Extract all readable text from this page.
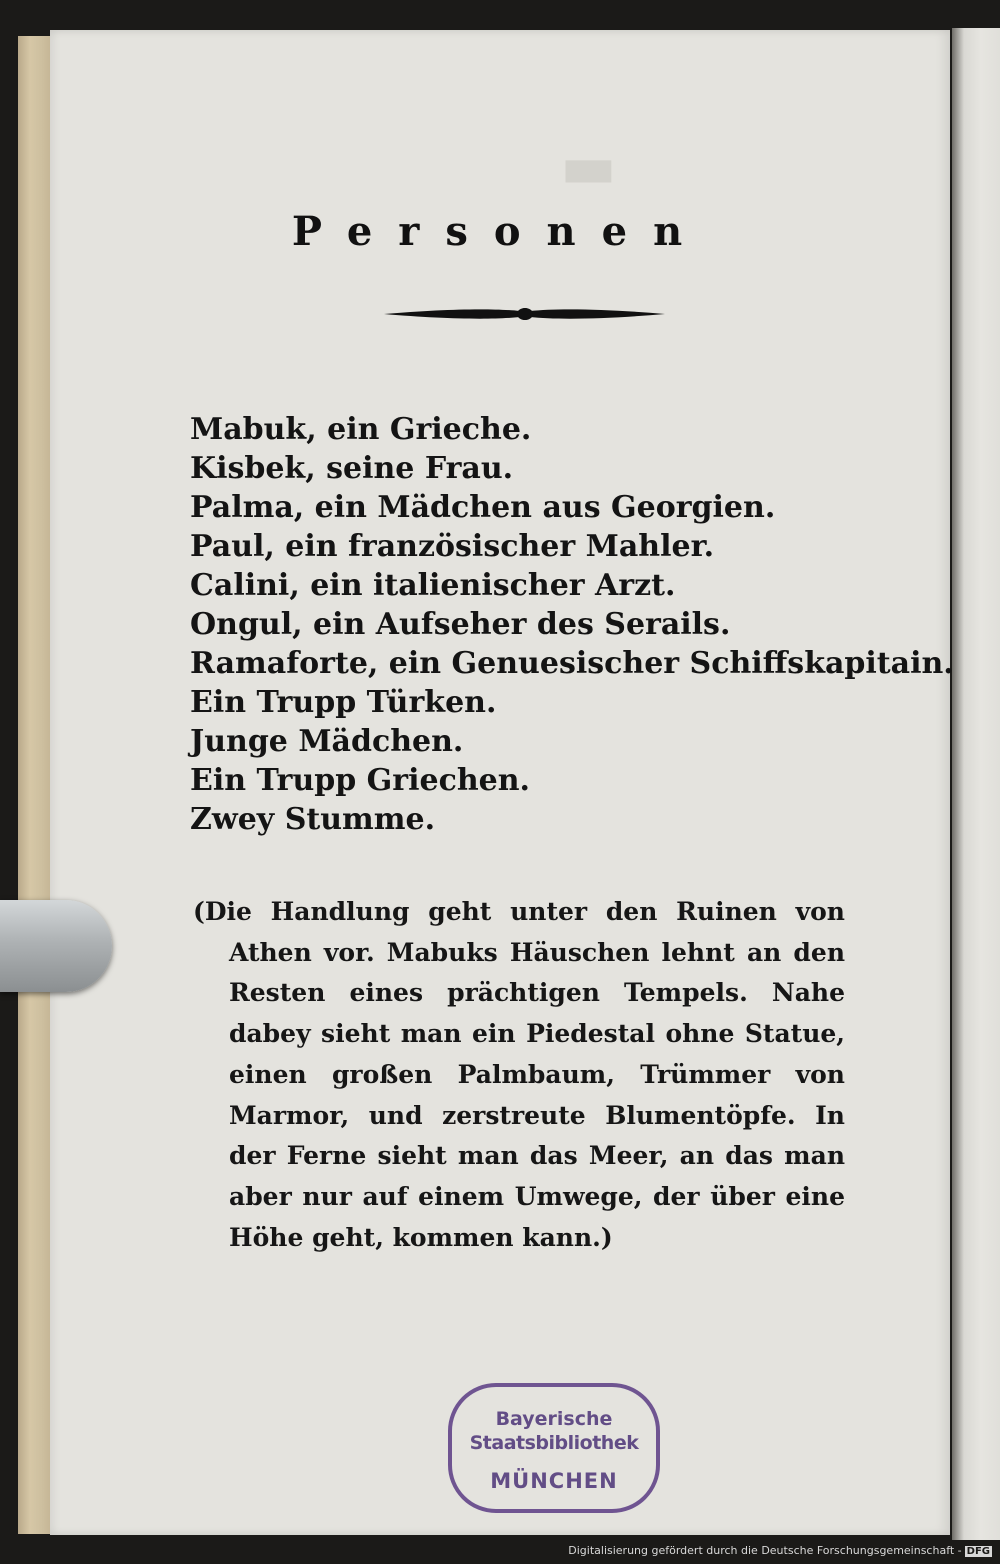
▬
Personen
Mabuk, ein Grieche.
Kisbek, seine Frau.
Palma, ein Mädchen aus Georgien.
Paul, ein französischer Mahler.
Calini, ein italienischer Arzt.
Ongul, ein Aufseher des Serails.
Ramaforte, ein Genuesischer Schiffskapitain.
Ein Trupp Türken.
Junge Mädchen.
Ein Trupp Griechen.
Zwey Stumme.

(Die Handlung geht unter den Ruinen von Athen vor. Mabuks Häuschen lehnt an den Resten eines prächtigen Tempels. Nahe dabey sieht man ein Piedestal ohne Statue, einen großen Palmbaum, Trümmer von Marmor, und zerstreute Blumentöpfe. In der Ferne sieht man das Meer, an das man aber nur auf einem Umwege, der über eine Höhe geht, kommen kann.)

Bayerische
Staatsbibliothek
MÜNCHEN
Digitalisierung gefördert durch die Deutsche Forschungsgemeinschaft - DFG
